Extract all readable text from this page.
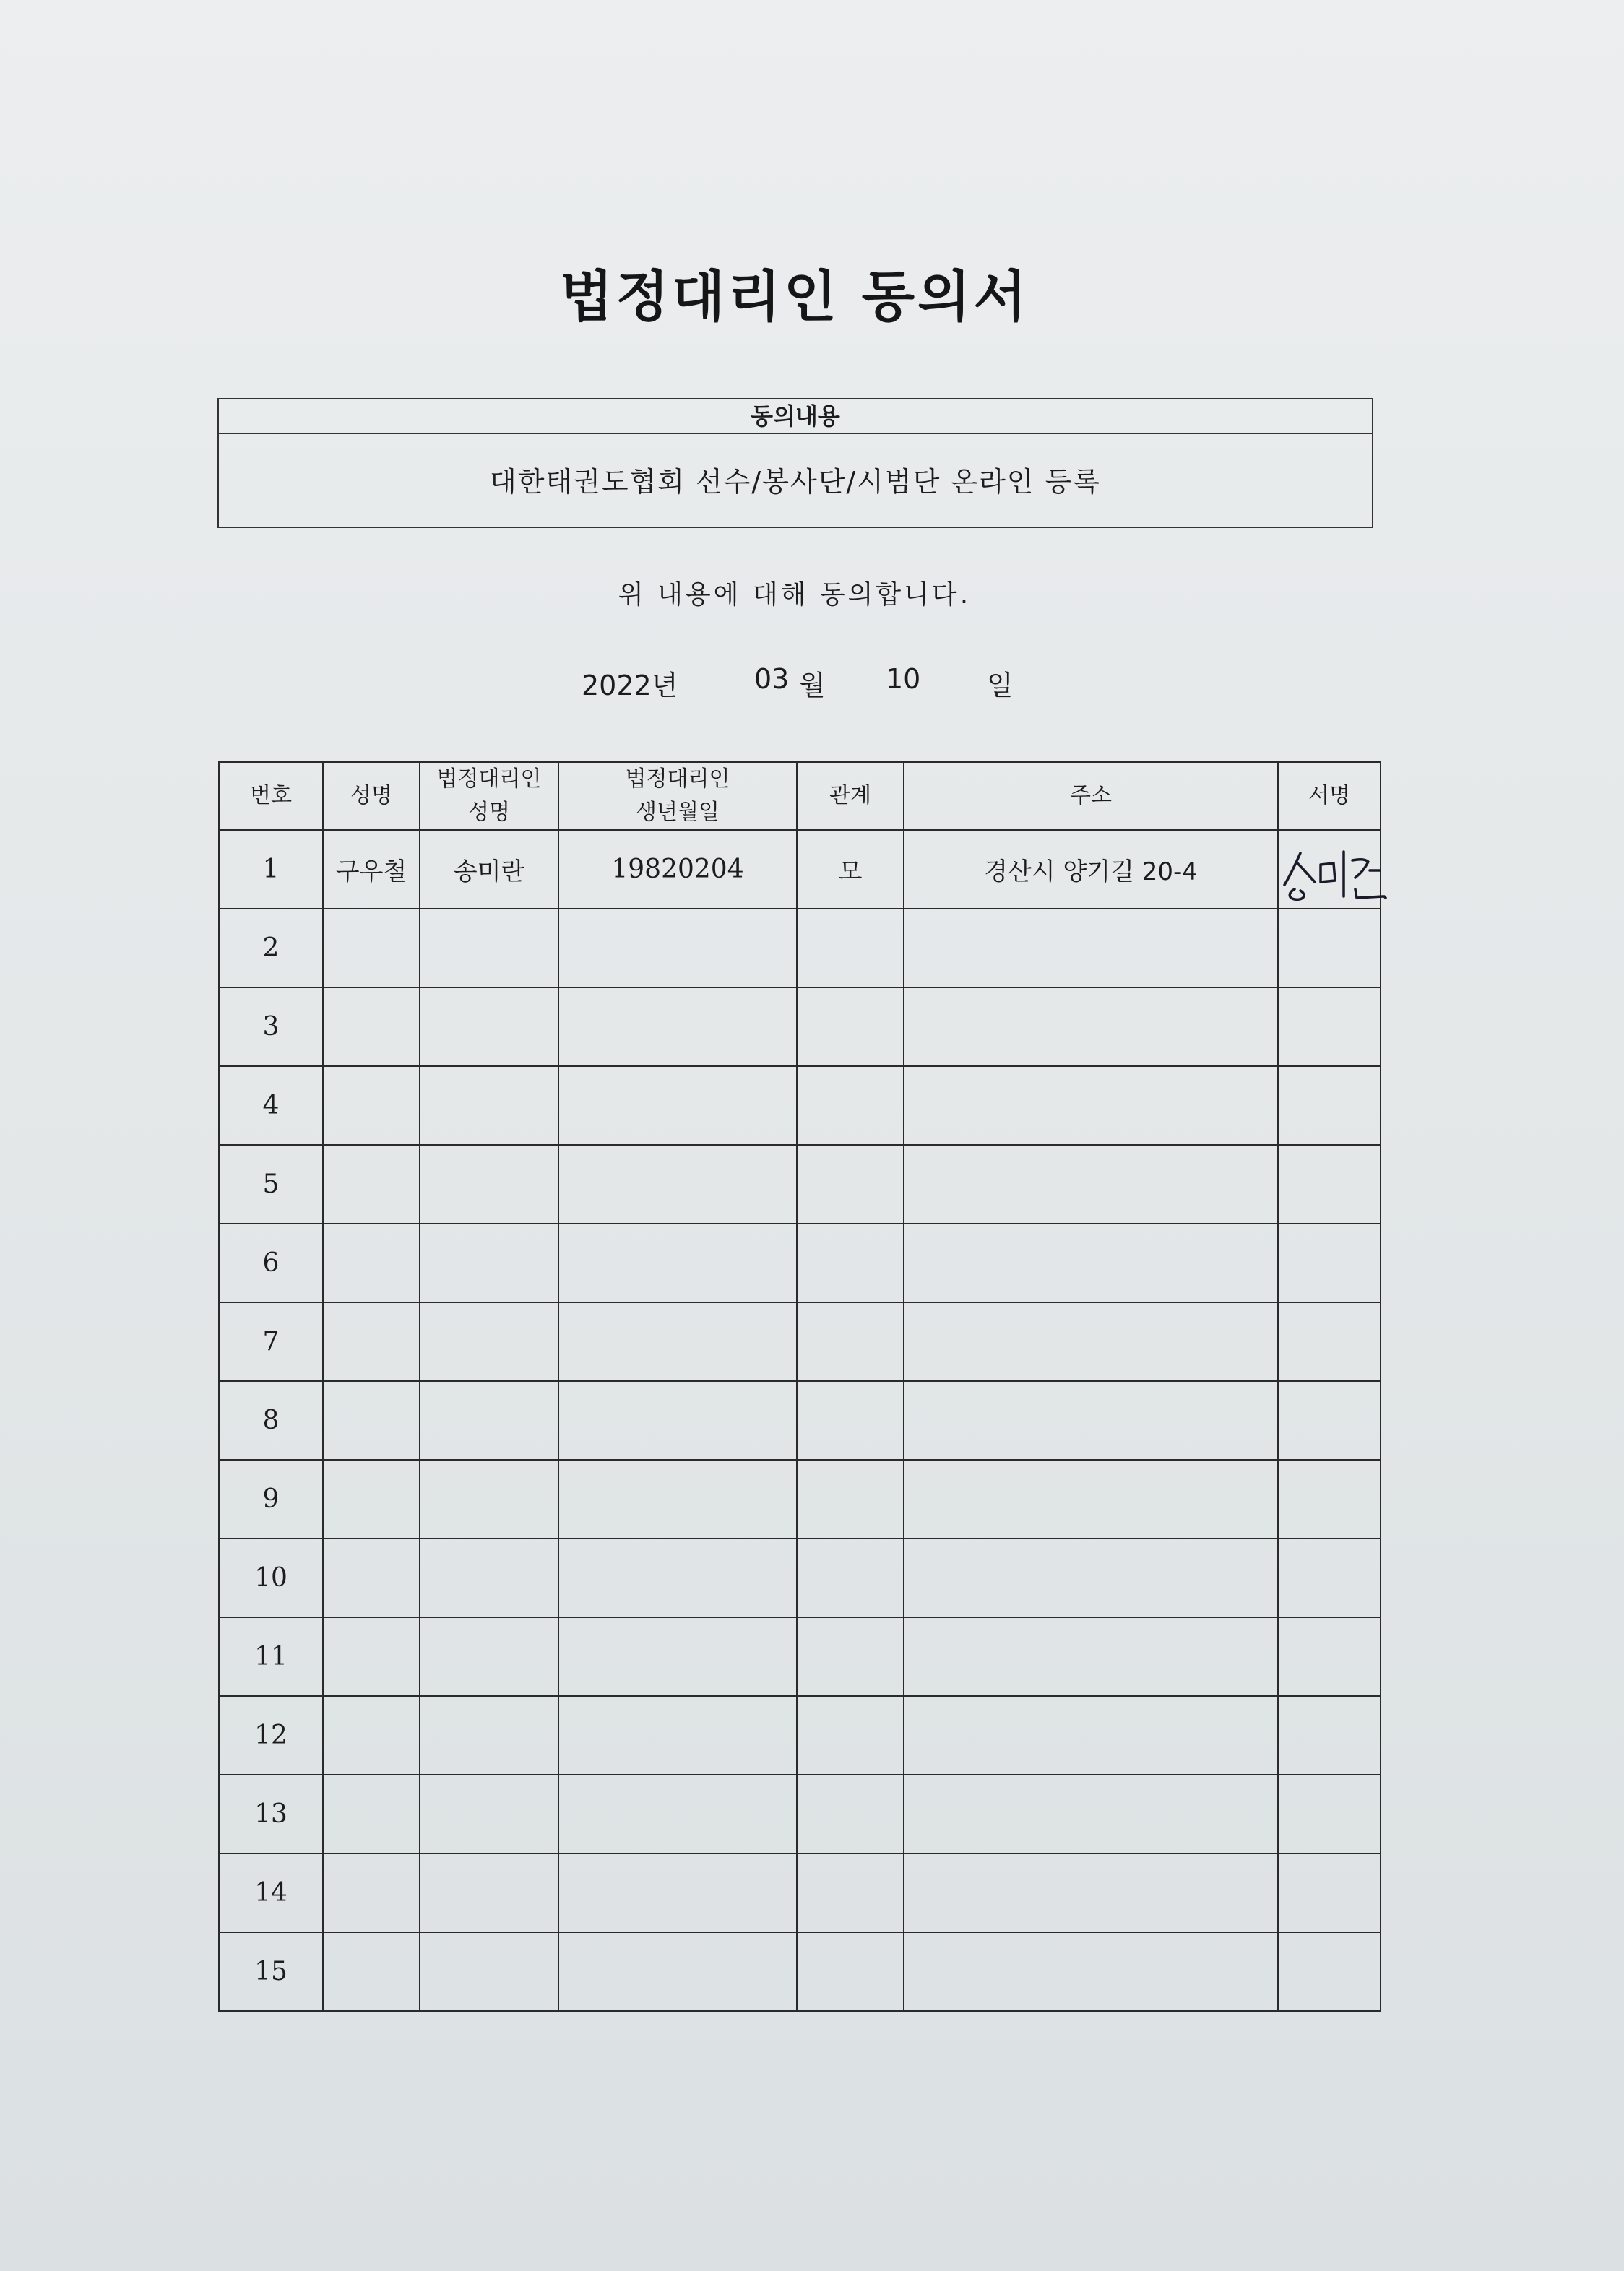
법정대리인 동의서
동의내용
대한태권도협회 선수/봉사단/시범단 온라인 등록
위 내용에 대해 동의합니다.
2022년	03 월 10 일
번호	성명	법정대리인 성명	법정대리인 생년월일	관계	주소	서명
1	구우철	송미란	19820204	모	경산시 양기길 20-4	

2						
3						
4						
5						
6						
7						
8						
9						
10						
11						
12						
13						
14						
15						
